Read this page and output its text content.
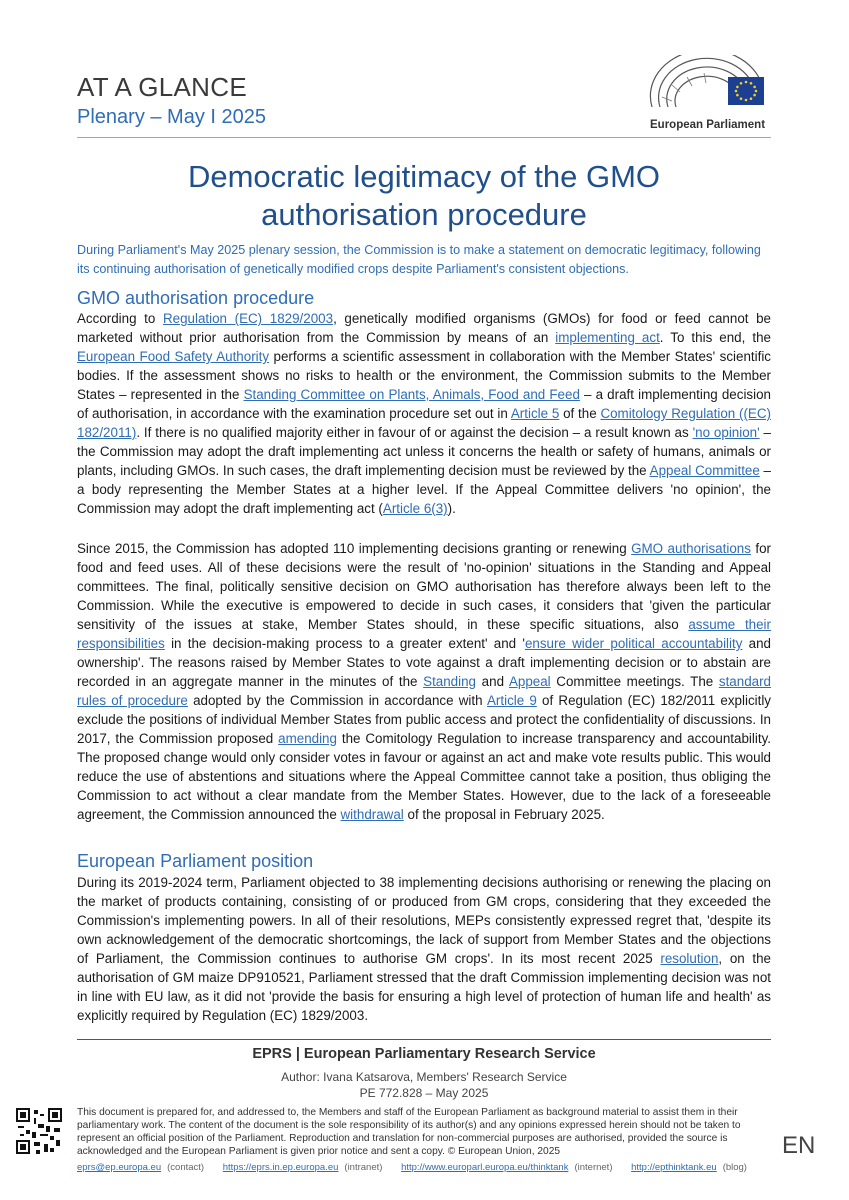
AT A GLANCE
Plenary – May I 2025	European Parliament
Democratic legitimacy of the GMO
authorisation procedure
During Parliament's May 2025 plenary session, the Commission is to make a statement on democratic legitimacy, following its continuing authorisation of genetically modified crops despite Parliament's consistent objections.
GMO authorisation procedure
According to Regulation (EC) 1829/2003, genetically modified organisms (GMOs) for food or feed cannot be marketed without prior authorisation from the Commission by means of an implementing act. To this end, the European Food Safety Authority performs a scientific assessment in collaboration with the Member States' scientific bodies. If the assessment shows no risks to health or the environment, the Commission submits to the Member States – represented in the Standing Committee on Plants, Animals, Food and Feed – a draft implementing decision of authorisation, in accordance with the examination procedure set out in Article 5 of the Comitology Regulation ((EC) 182/2011). If there is no qualified majority either in favour of or against the decision – a result known as 'no opinion' – the Commission may adopt the draft implementing act unless it concerns the health or safety of humans, animals or plants, including GMOs. In such cases, the draft implementing decision must be reviewed by the Appeal Committee – a body representing the Member States at a higher level. If the Appeal Committee delivers 'no opinion', the Commission may adopt the draft implementing act (Article 6(3)).
Since 2015, the Commission has adopted 110 implementing decisions granting or renewing GMO authorisations for food and feed uses. All of these decisions were the result of 'no-opinion' situations in the Standing and Appeal committees. The final, politically sensitive decision on GMO authorisation has therefore always been left to the Commission. While the executive is empowered to decide in such cases, it considers that 'given the particular sensitivity of the issues at stake, Member States should, in these specific situations, also assume their responsibilities in the decision-making process to a greater extent' and 'ensure wider political accountability and ownership'. The reasons raised by Member States to vote against a draft implementing decision or to abstain are recorded in an aggregate manner in the minutes of the Standing and Appeal Committee meetings. The standard rules of procedure adopted by the Commission in accordance with Article 9 of Regulation (EC) 182/2011 explicitly exclude the positions of individual Member States from public access and protect the confidentiality of discussions. In 2017, the Commission proposed amending the Comitology Regulation to increase transparency and accountability. The proposed change would only consider votes in favour or against an act and make vote results public. This would reduce the use of abstentions and situations where the Appeal Committee cannot take a position, thus obliging the Commission to act without a clear mandate from the Member States. However, due to the lack of a foreseeable agreement, the Commission announced the withdrawal of the proposal in February 2025.
European Parliament position
During its 2019-2024 term, Parliament objected to 38 implementing decisions authorising or renewing the placing on the market of products containing, consisting of or produced from GM crops, considering that they exceeded the Commission's implementing powers. In all of their resolutions, MEPs consistently expressed regret that, 'despite its own acknowledgement of the democratic shortcomings, the lack of support from Member States and the objections of Parliament, the Commission continues to authorise GM crops'. In its most recent 2025 resolution, on the authorisation of GM maize DP910521, Parliament stressed that the draft Commission implementing decision was not in line with EU law, as it did not 'provide the basis for ensuring a high level of protection of human life and health' as explicitly required by Regulation (EC) 1829/2003.
EPRS | European Parliamentary Research Service
Author: Ivana Katsarova, Members' Research Service
PE 772.828 – May 2025
This document is prepared for, and addressed to, the Members and staff of the European Parliament as background material to assist them in their parliamentary work. The content of the document is the sole responsibility of its author(s) and any opinions expressed herein should not be taken to represent an official position of the Parliament. Reproduction and translation for non-commercial purposes are authorised, provided the source is acknowledged and the European Parliament is given prior notice and sent a copy. © European Union, 2025	EN
eprs@ep.europa.eu (contact) https://eprs.in.ep.europa.eu (intranet) http://www.europarl.europa.eu/thinktank (internet) http://epthinktank.eu (blog)
